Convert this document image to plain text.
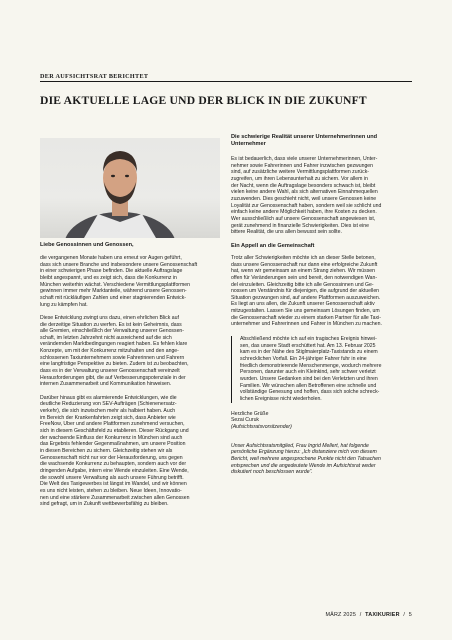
DER AUFSICHTSRAT BERICHTET
DIE AKTUELLE LAGE UND DER BLICK IN DIE ZUKUNFT
Liebe Genossinnen und Genossen,

die vergangenen Monate haben uns erneut vor Augen geführt,
dass sich unsere Branche und insbesondere unsere Genossenschaft
in einer schwierigen Phase befinden. Die aktuelle Auftragslage
bleibt angespannt, und es zeigt sich, dass die Konkurrenz in
München weiterhin wächst. Verschiedene Vermittlungsplattformen
gewinnen immer mehr Marktanteile, während unsere Genossen-
schaft mit rückläufigen Zahlen und einer stagnierenden Entwick-
lung zu kämpfen hat.

Diese Entwicklung zwingt uns dazu, einen ehrlichen Blick auf
die derzeitige Situation zu werfen. Es ist kein Geheimnis, dass
alle Gremien, einschließlich der Verwaltung unserer Genossen-
schaft, im letzten Jahrzehnt nicht ausreichend auf die sich
verändernden Marktbedingungen reagiert haben. Es fehlen klare
Konzepte, um mit der Konkurrenz mitzuhalten und den ange-
schlossenen Taxiunternehmern sowie Fahrerinnen und Fahrern
eine langfristige Perspektive zu bieten. Zudem ist zu beobachten,
dass es in der Verwaltung unserer Genossenschaft vereinzelt
Herausforderungen gibt, die auf Verbesserungspotenziale in der
internen Zusammenarbeit und Kommunikation hinweisen.

Darüber hinaus gibt es alarmierende Entwicklungen, wie die
deutliche Reduzierung von SEV-Aufträgen (Schienenersatz-
verkehr), die sich inzwischen mehr als halbiert haben. Auch
im Bereich der Krankenfahrten zeigt sich, dass Anbieter wie
FreeNow, Uber und andere Plattformen zunehmend versuchen,
sich in diesem Geschäftsfeld zu etablieren. Dieser Rückgang und
der wachsende Einfluss der Konkurrenz in München sind auch
das Ergebnis fehlender Gegenmaßnahmen, um unsere Position
in diesen Bereichen zu sichern. Gleichzeitig stehen wir als
Genossenschaft nicht nur vor der Herausforderung, uns gegen
die wachsende Konkurrenz zu behaupten, sondern auch vor der
dringenden Aufgabe, intern eine Wende einzuleiten. Eine Wende,
die sowohl unsere Verwaltung als auch unsere Führung betrifft.
Die Welt des Taxigewerbes ist längst im Wandel, und wir können
es uns nicht leisten, stehen zu bleiben. Neue Ideen, Innovatio-
nen und eine stärkere Zusammenarbeit zwischen allen Genossen
sind gefragt, um in Zukunft wettbewerbsfähig zu bleiben.

Die schwierige Realität unserer Unternehmerinnen und Unternehmer

Es ist bedauerlich, dass viele unserer Unternehmerinnen, Unter-
nehmer sowie Fahrerinnen und Fahrer inzwischen gezwungen
sind, auf zusätzliche weitere Vermittlungsplattformen zurück-
zugreifen, um ihren Lebensunterhalt zu sichern. Vor allem in
der Nacht, wenn die Auftragslage besonders schwach ist, bleibt
vielen keine andere Wahl, als sich alternativen Einnahmequellen
zuzuwenden. Dies geschieht nicht, weil unsere Genossen keine
Loyalität zur Genossenschaft haben, sondern weil sie schlicht und
einfach keine andere Möglichkeit haben, ihre Kosten zu decken.
Wer ausschließlich auf unsere Genossenschaft angewiesen ist,
gerät zunehmend in finanzielle Schwierigkeiten. Dies ist eine
bittere Realität, die uns allen bewusst sein sollte.

Ein Appell an die Gemeinschaft

Trotz aller Schwierigkeiten möchte ich an dieser Stelle betonen,
dass unsere Genossenschaft nur dann eine erfolgreiche Zukunft
hat, wenn wir gemeinsam an einem Strang ziehen. Wir müssen
offen für Veränderungen sein und bereit, den notwendigen Wan-
del einzuleiten. Gleichzeitig bitte ich alle Genossinnen und Ge-
nossen um Verständnis für diejenigen, die aufgrund der aktuellen
Situation gezwungen sind, auf andere Plattformen auszuweichen.
Es liegt an uns allen, die Zukunft unserer Genossenschaft aktiv
mitzugestalten. Lassen Sie uns gemeinsam Lösungen finden, um
die Genossenschaft wieder zu einem starken Partner für alle Taxi-
unternehmer und Fahrerinnen und Fahrer in München zu machen.

Abschließend möchte ich auf ein tragisches Ereignis hinwei-
sen, das unsere Stadt erschüttert hat. Am 13. Februar 2025
kam es in der Nähe des Stiglmaierplatz-Taxistands zu einem
schrecklichen Vorfall. Ein 24-jähriger Fahrer fuhr in eine
friedlich demonstrierende Menschenmenge, wodurch mehrere
Personen, darunter auch ein Kleinkind, sehr schwer verletzt
wurden. Unsere Gedanken sind bei den Verletzten und ihren
Familien. Wir wünschen allen Betroffenen eine schnelle und
vollständige Genesung und hoffen, dass sich solche schreck-
lichen Ereignisse nicht wiederholen.
Herzliche Grüße
Sezai Curuk
(Aufsichtsratsvorsitzender)
Unser Aufsichtsratsmitglied, Frau Ingrid Mellert, hat folgende
persönliche Ergänzung hierzu: „Ich distanziere mich von diesem
Bericht, weil mehrere angesprochene Punkte nicht den Tatsachen
entsprechen und die angedeutete Wende im Aufsichtsrat weder
diskutiert noch beschlossen wurde“.
MÄRZ 2025 / TAXIKURIER / 5
